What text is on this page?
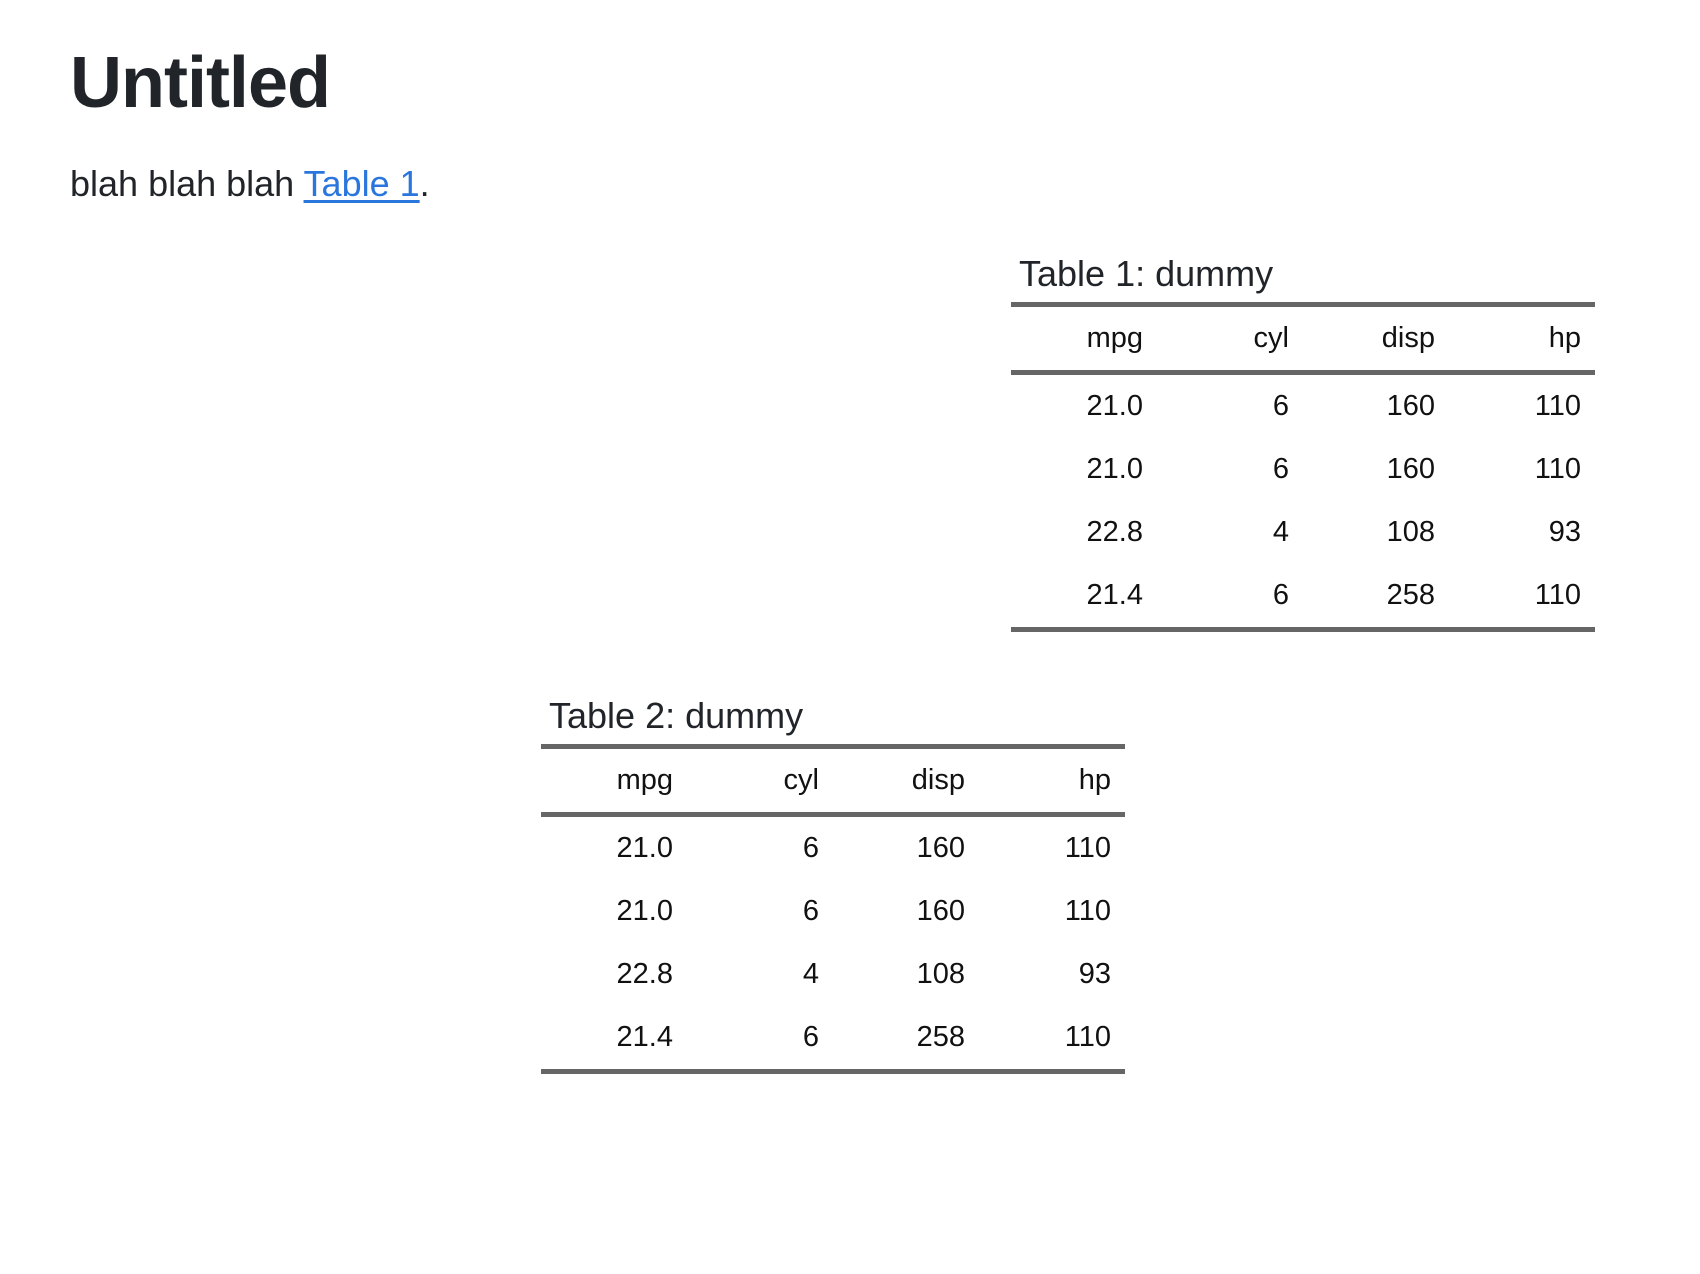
Untitled

blah blah blah Table 1.

Table 1: dummy
mpg	cyl	disp	hp
21.0	6	160	110
21.0	6	160	110
22.8	4	108	93
21.4	6	258	110
Table 2: dummy
mpg	cyl	disp	hp
21.0	6	160	110
21.0	6	160	110
22.8	4	108	93
21.4	6	258	110
